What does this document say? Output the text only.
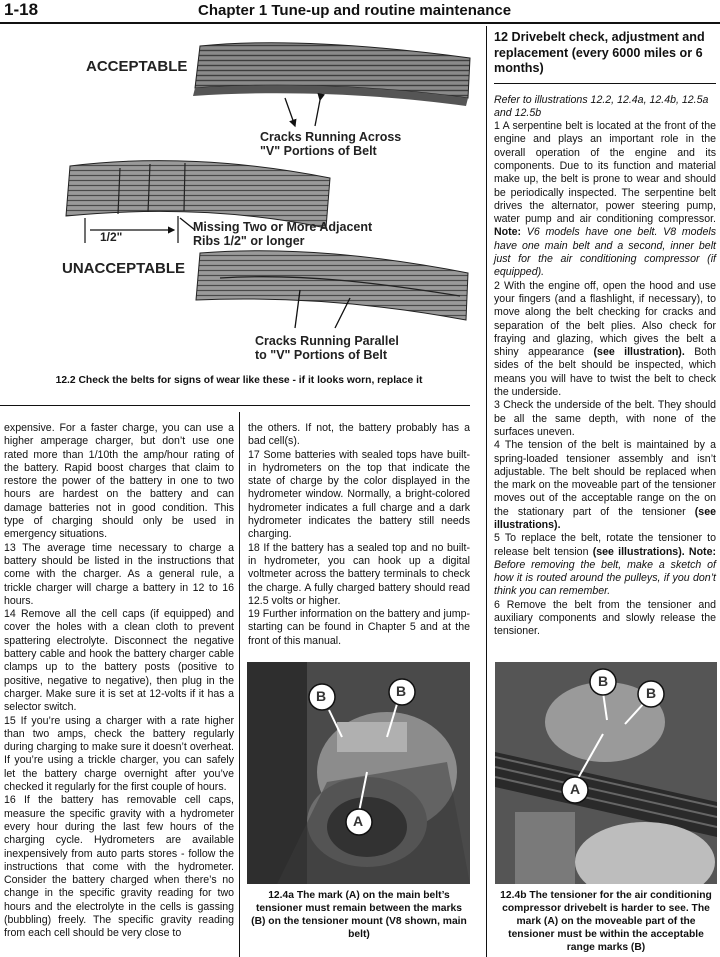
1-18	Chapter 1 Tune-up and routine maintenance
ACCEPTABLE
Cracks Running Across
"V" Portions of Belt
1/2"
Missing Two or More Adjacent
Ribs 1/2" or longer
UNACCEPTABLE
Cracks Running Parallel
to "V" Portions of Belt
12.2 Check the belts for signs of wear like these - if it looks worn, replace it

expensive. For a faster charge, you can use a higher amperage charger, but don’t use one rated more than 1/10th the amp/hour rating of the battery. Rapid boost charges that claim to restore the power of the battery in one to two hours are hardest on the battery and can damage batteries not in good condition. This type of charging should only be used in emergency situations.

13 The average time necessary to charge a battery should be listed in the instructions that come with the charger. As a general rule, a trickle charger will charge a battery in 12 to 16 hours.

14 Remove all the cell caps (if equipped) and cover the holes with a clean cloth to prevent spattering electrolyte. Disconnect the negative battery cable and hook the battery charger cable clamps up to the battery posts (positive to positive, negative to negative), then plug in the charger. Make sure it is set at 12-volts if it has a selector switch.

15 If you’re using a charger with a rate higher than two amps, check the battery regularly during charging to make sure it doesn’t overheat. If you’re using a trickle charger, you can safely let the battery charge overnight after you’ve checked it regularly for the first couple of hours.

16 If the battery has removable cell caps, measure the specific gravity with a hydrometer every hour during the last few hours of the charging cycle. Hydrometers are available inexpensively from auto parts stores - follow the instructions that come with the hydrometer. Consider the battery charged when there’s no change in the specific gravity reading for two hours and the electrolyte in the cells is gassing (bubbling) freely. The specific gravity reading from each cell should be very close to

the others. If not, the battery probably has a bad cell(s).

17 Some batteries with sealed tops have built-in hydrometers on the top that indicate the state of charge by the color displayed in the hydrometer window. Normally, a bright-colored hydrometer indicates a full charge and a dark hydrometer indicates the battery still needs charging.

18 If the battery has a sealed top and no built-in hydrometer, you can hook up a digital voltmeter across the battery terminals to check the charge. A fully charged battery should read 12.5 volts or higher.

19 Further information on the battery and jump-starting can be found in Chapter 5 and at the front of this manual.

B	B
A
12.4a The mark (A) on the main belt’s tensioner must remain between the marks (B) on the tensioner mount (V8 shown, main belt)
12 Drivebelt check, adjustment and replacement (every 6000 miles or 6 months)
Refer to illustrations 12.2, 12.4a, 12.4b, 12.5a and 12.5b

1 A serpentine belt is located at the front of the engine and plays an important role in the overall operation of the engine and its components. Due to its function and material make up, the belt is prone to wear and should be periodically inspected. The serpentine belt drives the alternator, power steering pump, water pump and air conditioning compressor. Note: V6 models have one belt. V8 models have one main belt and a second, inner belt just for the air conditioning compressor (if equipped).

2 With the engine off, open the hood and use your fingers (and a flashlight, if necessary), to move along the belt checking for cracks and separation of the belt plies. Also check for fraying and glazing, which gives the belt a shiny appearance (see illustration). Both sides of the belt should be inspected, which means you will have to twist the belt to check the underside.

3 Check the underside of the belt. They should be all the same depth, with none of the surfaces uneven.

4 The tension of the belt is maintained by a spring-loaded tensioner assembly and isn’t adjustable. The belt should be replaced when the mark on the moveable part of the tensioner moves out of the acceptable range on the on the stationary part of the tensioner (see illustrations).

5 To replace the belt, rotate the tensioner to release belt tension (see illustrations). Note: Before removing the belt, make a sketch of how it is routed around the pulleys, if you don’t think you can remember.

6 Remove the belt from the tensioner and auxiliary components and slowly release the tensioner.

B
B
A
12.4b The tensioner for the air conditioning compressor drivebelt is harder to see. The mark (A) on the moveable part of the tensioner must be within the acceptable range marks (B)
